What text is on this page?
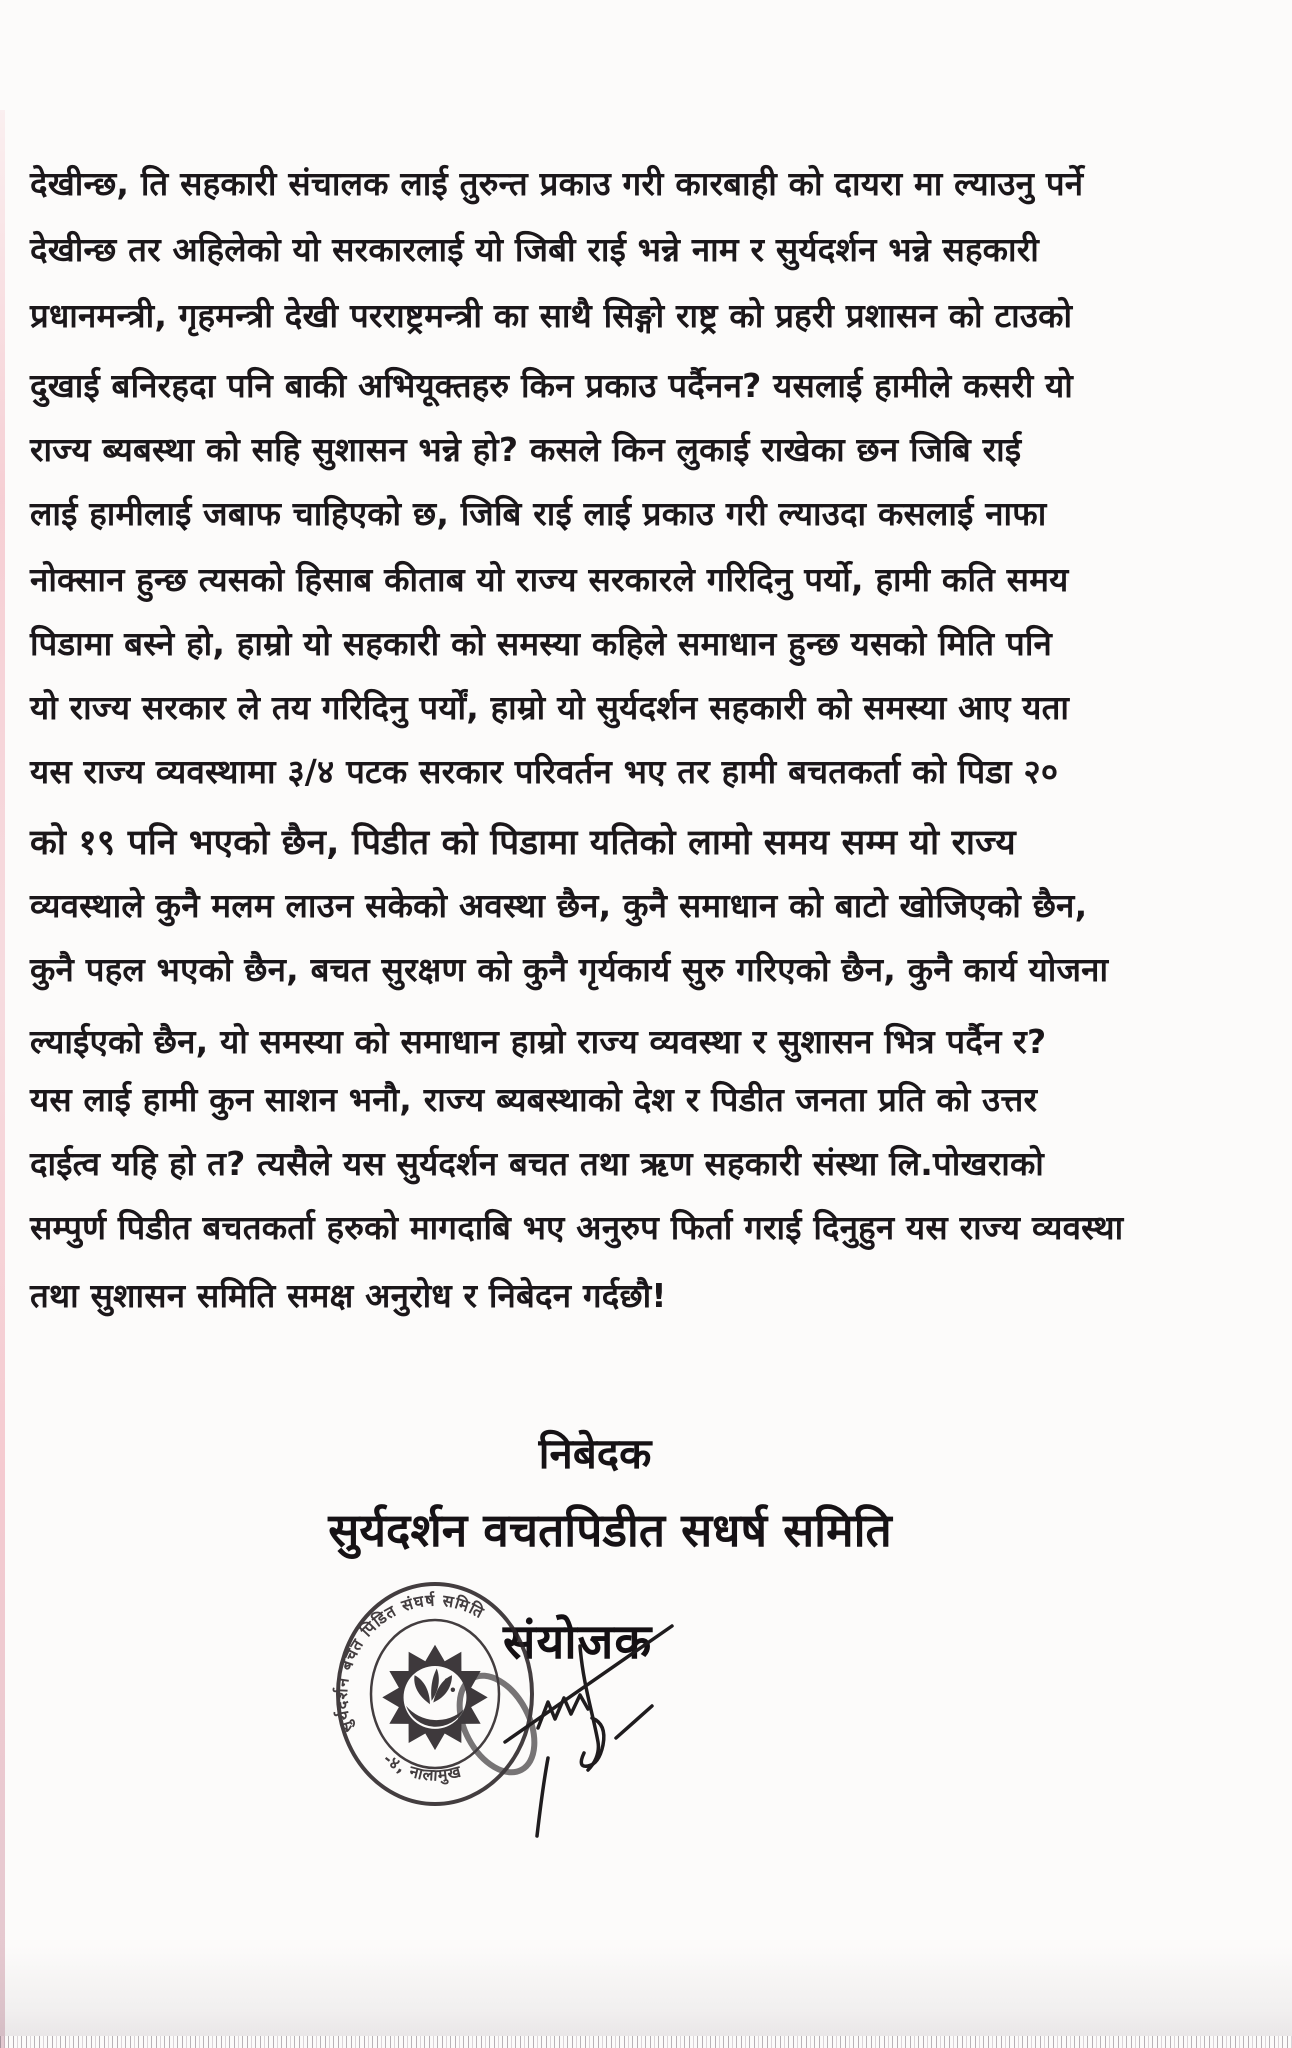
देखीन्छ, ति सहकारी संचालक लाई तुरुन्त प्रकाउ गरी कारबाही को दायरा मा ल्याउनु पर्ने
देखीन्छ तर अहिलेको यो सरकारलाई यो जिबी राई भन्ने नाम र सुर्यदर्शन भन्ने सहकारी
प्रधानमन्त्री, गृहमन्त्री देखी परराष्ट्रमन्त्री का साथै सिङ्गो राष्ट्र को प्रहरी प्रशासन को टाउको
दुखाई बनिरहदा पनि बाकी अभियूक्तहरु किन प्रकाउ पर्दैनन? यसलाई हामीले कसरी यो
राज्य ब्यबस्था को सहि सुशासन भन्ने हो? कसले किन लुकाई राखेका छन जिबि राई
लाई हामीलाई जबाफ चाहिएको छ, जिबि राई लाई प्रकाउ गरी ल्याउदा कसलाई नाफा
नोक्सान हुन्छ त्यसको हिसाब कीताब यो राज्य सरकारले गरिदिनु पर्यो, हामी कति समय
पिडामा बस्ने हो, हाम्रो यो सहकारी को समस्या कहिले समाधान हुन्छ यसको मिति पनि
यो राज्य सरकार ले तय गरिदिनु पर्यों, हाम्रो यो सुर्यदर्शन सहकारी को समस्या आए यता
यस राज्य व्यवस्थामा ३/४ पटक सरकार परिवर्तन भए तर हामी बचतकर्ता को पिडा २०
को १९ पनि भएको छैन, पिडीत को पिडामा यतिको लामो समय सम्म यो राज्य
व्यवस्थाले कुनै मलम लाउन सकेको अवस्था छैन, कुनै समाधान को बाटो खोजिएको छैन,
कुनै पहल भएको छैन, बचत सुरक्षण को कुनै गृर्यकार्य सुरु गरिएको छैन, कुनै कार्य योजना
ल्याईएको छैन, यो समस्या को समाधान हाम्रो राज्य व्यवस्था र सुशासन भित्र पर्दैन र?
यस लाई हामी कुन साशन भनौ, राज्य ब्यबस्थाको देश र पिडीत जनता प्रति को उत्तर
दाईत्व यहि हो त? त्यसैले यस सुर्यदर्शन बचत तथा ऋण सहकारी संस्था लि.पोखराको
सम्पुर्ण पिडीत बचतकर्ता हरुको मागदाबि भए अनुरुप फिर्ता गराई दिनुहुन यस राज्य व्यवस्था
तथा सुशासन समिति समक्ष अनुरोध र निबेदन गर्दछौ!
निबेदक
सुर्यदर्शन वचतपिडीत सधर्ष समिति
संयोजक
सुर्यदर्शन बचत पिडित संघर्ष समिति
-४, नालामुख
